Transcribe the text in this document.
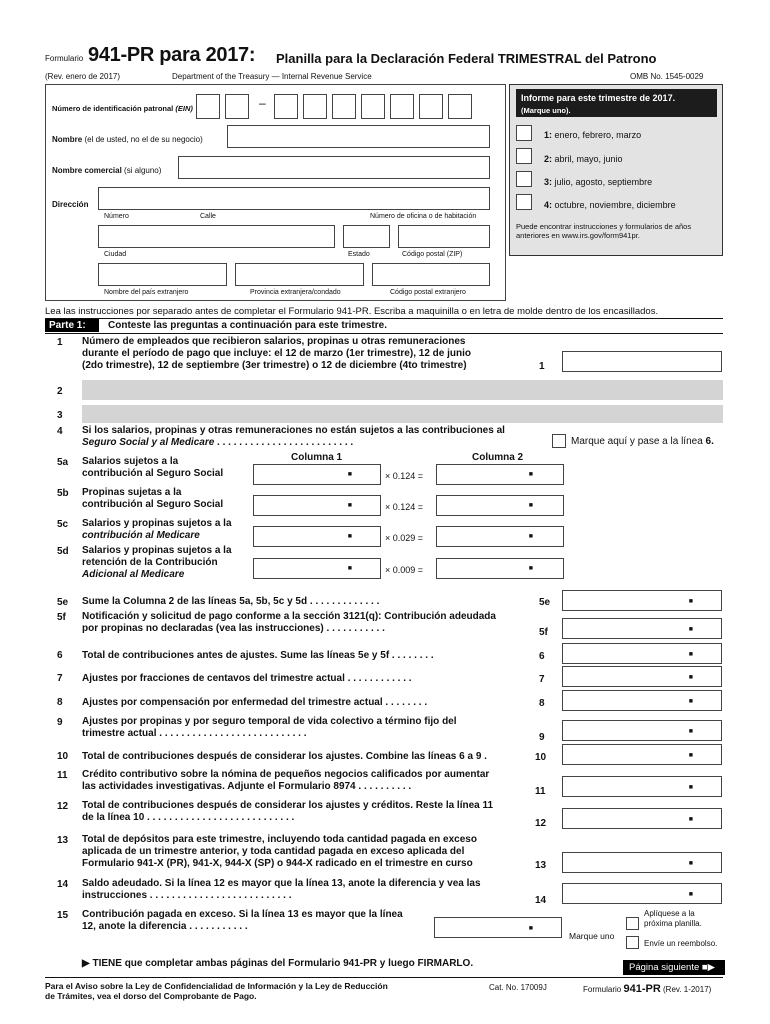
Formulario 941-PR para 2017: Planilla para la Declaración Federal TRIMESTRAL del Patrono
(Rev. enero de 2017)	Department of the Treasury — Internal Revenue Service	OMB No. 1545-0029
Número de identificación patronal (EIN)	–
Nombre (el de usted, no el de su negocio)
Nombre comercial (si alguno)
Dirección
Número	Calle	Número de oficina o de habitación
Ciudad	Estado	Código postal (ZIP)
Nombre del país extranjero	Provincia extranjera/condado	Código postal extranjero
Informe para este trimestre de 2017.
(Marque uno).
1: enero, febrero, marzo
2: abril, mayo, junio
3: julio, agosto, septiembre
4: octubre, noviembre, diciembre
Puede encontrar instrucciones y formularios de años
anteriores en www.irs.gov/form941pr.
Lea las instrucciones por separado antes de completar el Formulario 941-PR. Escriba a maquinilla o en letra de molde dentro de los encasillados.
Parte 1: Conteste las preguntas a continuación para este trimestre.
1 Número de empleados que recibieron salarios, propinas u otras remuneraciones
durante el período de pago que incluye: el 12 de marzo (1er trimestre), 12 de junio
(2do trimestre), 12 de septiembre (3er trimestre) o 12 de diciembre (4to trimestre)	1
2
3
4 Si los salarios, propinas y otras remuneraciones no están sujetos a las contribuciones al
Seguro Social y al Medicare . . . . . . . . . . . . . . . . . . . . . . . . .	Marque aquí y pase a la línea 6.
Columna 1	Columna 2
5a Salarios sujetos a la
contribución al Seguro Social	■	× 0.124 =	■
5b Propinas sujetas a la
contribución al Seguro Social	■	× 0.124 =	■
5c Salarios y propinas sujetos a la
contribución al Medicare	■	× 0.029 =	■
5d Salarios y propinas sujetos a la
retención de la Contribución
Adicional al Medicare
■	× 0.009 =	■
5e Sume la Columna 2 de las líneas 5a, 5b, 5c y 5d . . . . . . . . . . . . .	5e	■
5f Notificación y solicitud de pago conforme a la sección 3121(q): Contribución adeudada
por propinas no declaradas (vea las instrucciones) . . . . . . . . . . .	5f	■
6 Total de contribuciones antes de ajustes. Sume las líneas 5e y 5f . . . . . . . .	6	■
7 Ajustes por fracciones de centavos del trimestre actual . . . . . . . . . . . .	7	■
8 Ajustes por compensación por enfermedad del trimestre actual . . . . . . . .	8	■
9 Ajustes por propinas y por seguro temporal de vida colectivo a término fijo del
trimestre actual . . . . . . . . . . . . . . . . . . . . . . . . . . .	9
■
10 Total de contribuciones después de considerar los ajustes. Combine las líneas 6 a 9 .	10	■
11 Crédito contributivo sobre la nómina de pequeños negocios calificados por aumentar
las actividades investigativas. Adjunte el Formulario 8974 . . . . . . . . . .	11	■
12 Total de contribuciones después de considerar los ajustes y créditos. Reste la línea 11
de la línea 10 . . . . . . . . . . . . . . . . . . . . . . . . . . .
12	■
13 Total de depósitos para este trimestre, incluyendo toda cantidad pagada en exceso
aplicada de un trimestre anterior, y toda cantidad pagada en exceso aplicada del
Formulario 941-X (PR), 941-X, 944-X (SP) o 944-X radicado en el trimestre en curso	13	■
14 Saldo adeudado. Si la línea 12 es mayor que la línea 13, anote la diferencia y vea las
instrucciones . . . . . . . . . . . . . . . . . . . . . . . . . .	14
■
15 Contribución pagada en exceso. Si la línea 13 es mayor que la línea
12, anote la diferencia . . . . . . . . . . .	■
Marque uno
Aplíquese a la
próxima planilla.
Envíe un reembolso.
▶ TIENE que completar ambas páginas del Formulario 941-PR y luego FIRMARLO.	Página siguiente ■▶
Para el Aviso sobre la Ley de Confidencialidad de Información y la Ley de Reducción
de Trámites, vea el dorso del Comprobante de Pago.
Cat. No. 17009J	Formulario 941-PR (Rev. 1-2017)
